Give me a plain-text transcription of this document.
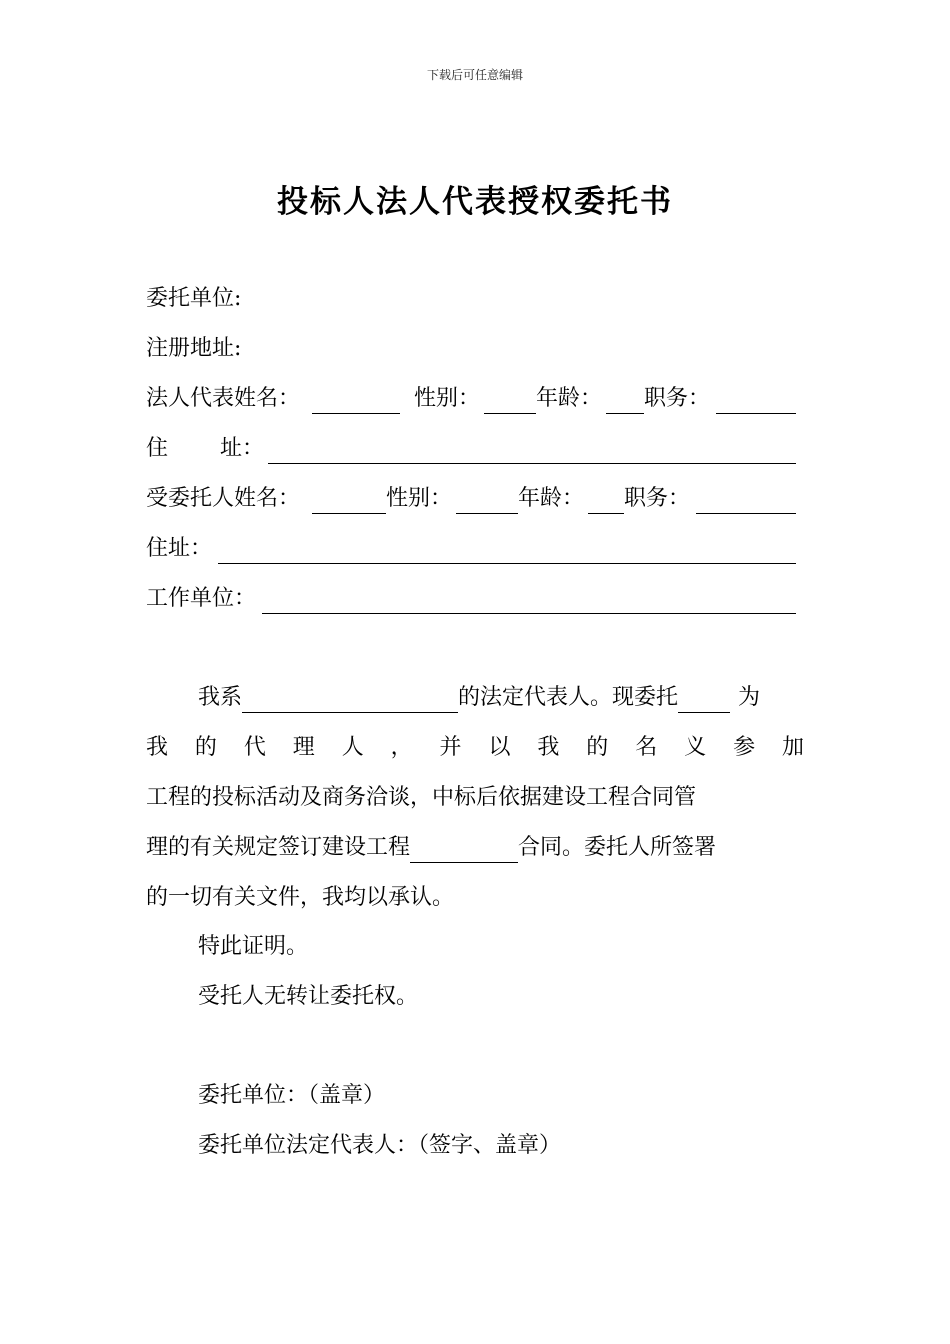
下载后可任意编辑
投标人法人代表授权委托书
委托单位:
注册地址:
法人代表姓名：	性别：	年龄： 职务：
住 址：
受委托人姓名：	性别：	年龄： 职务：
住址：
工作单位：
我系	的法定代表人。现委托	为
我 的 代 理 人 ， 并 以 我 的 名 义 参 加
工程的投标活动及商务洽谈，中标后依据建设工程合同管
理的有关规定签订建设工程	合同。委托人所签署
的一切有关文件，我均以承认。
特此证明。
受托人无转让委托权。
委托单位：（盖章）
委托单位法定代表人：（签字、盖章）
